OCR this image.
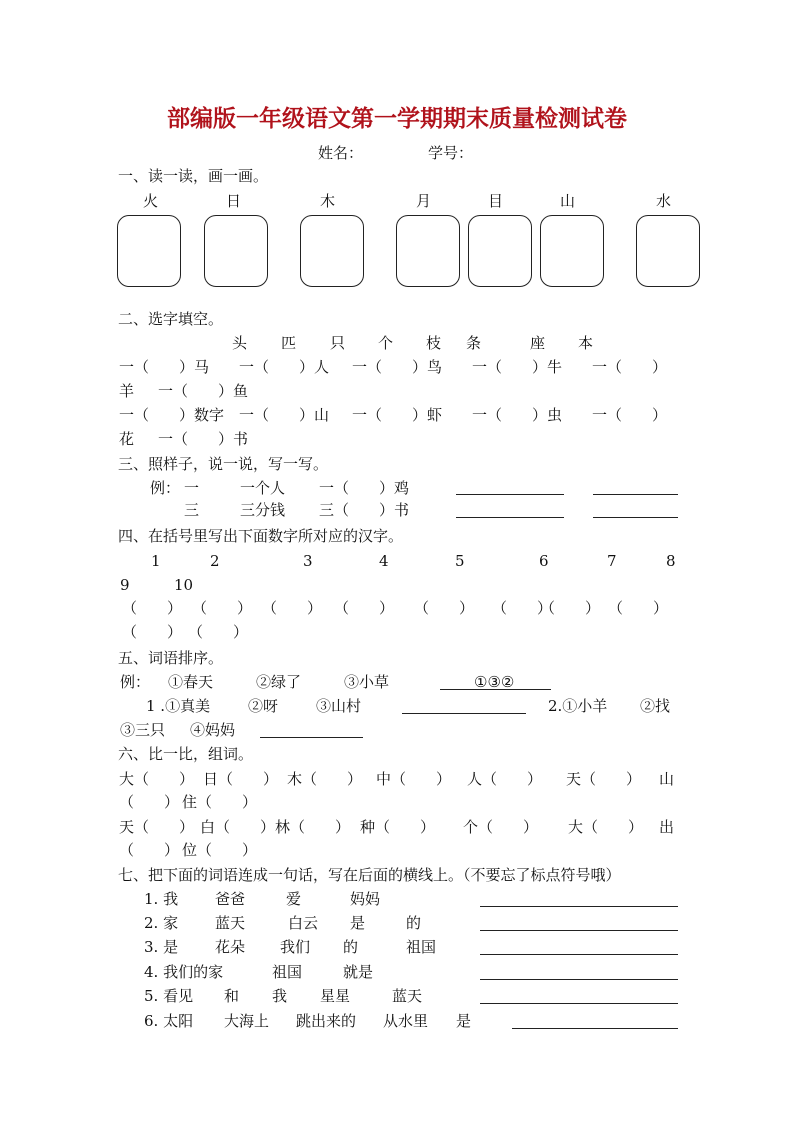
部编版一年级语文第一学期期末质量检测试卷
姓名：	学号：
一、读一读，画一画。
火	日	木	月	目	山	水
二、选字填空。
头 匹 只 个 枝 条	座 本
一（　　）马 一（　　）人 一（　　）鸟 一（　　）牛 一（　　）
羊 一（　　）鱼
一（　　）数字 一（　　）山 一（　　）虾 一（　　）虫 一（　　）
花 一（　　）书
三、照样子，说一说，写一写。
例： 一	一个人 一（　　）鸡
三	三分钱 三（　　）书
四、在括号里写出下面数字所对应的汉字。
1	2	3	4	5	6	7	8
9	10
（　　） （　　） （　　） （　　） （　　） （　　）
（　　） （　　）
（　　） （　　）
五、词语排序。
例： ①春天	②绿了	③小草	①③②
1 .①真美	②呀	③山村	2.①小羊 ②找
③三只 ④妈妈
六、比一比，组词。
大（　　） 日（　　） 木（　　） 中（　　） 人（　　） 天（　　） 山
（　　） 住（　　）
天（　　） 白（　　） 林（　　） 种（　　） 个（　　） 大（　　） 出
（　　） 位（　　）
七、把下面的词语连成一句话，写在后面的横线上。（不要忘了标点符号哦）
1. 我 爸爸	爱	妈妈
2. 家 蓝天	白云 是	的
3. 是 花朵 我们 的	祖国
4. 我们的家	祖国	就是
5. 看见 和 我 星星	蓝天
6. 太阳 大海上 跳出来的 从水里 是
